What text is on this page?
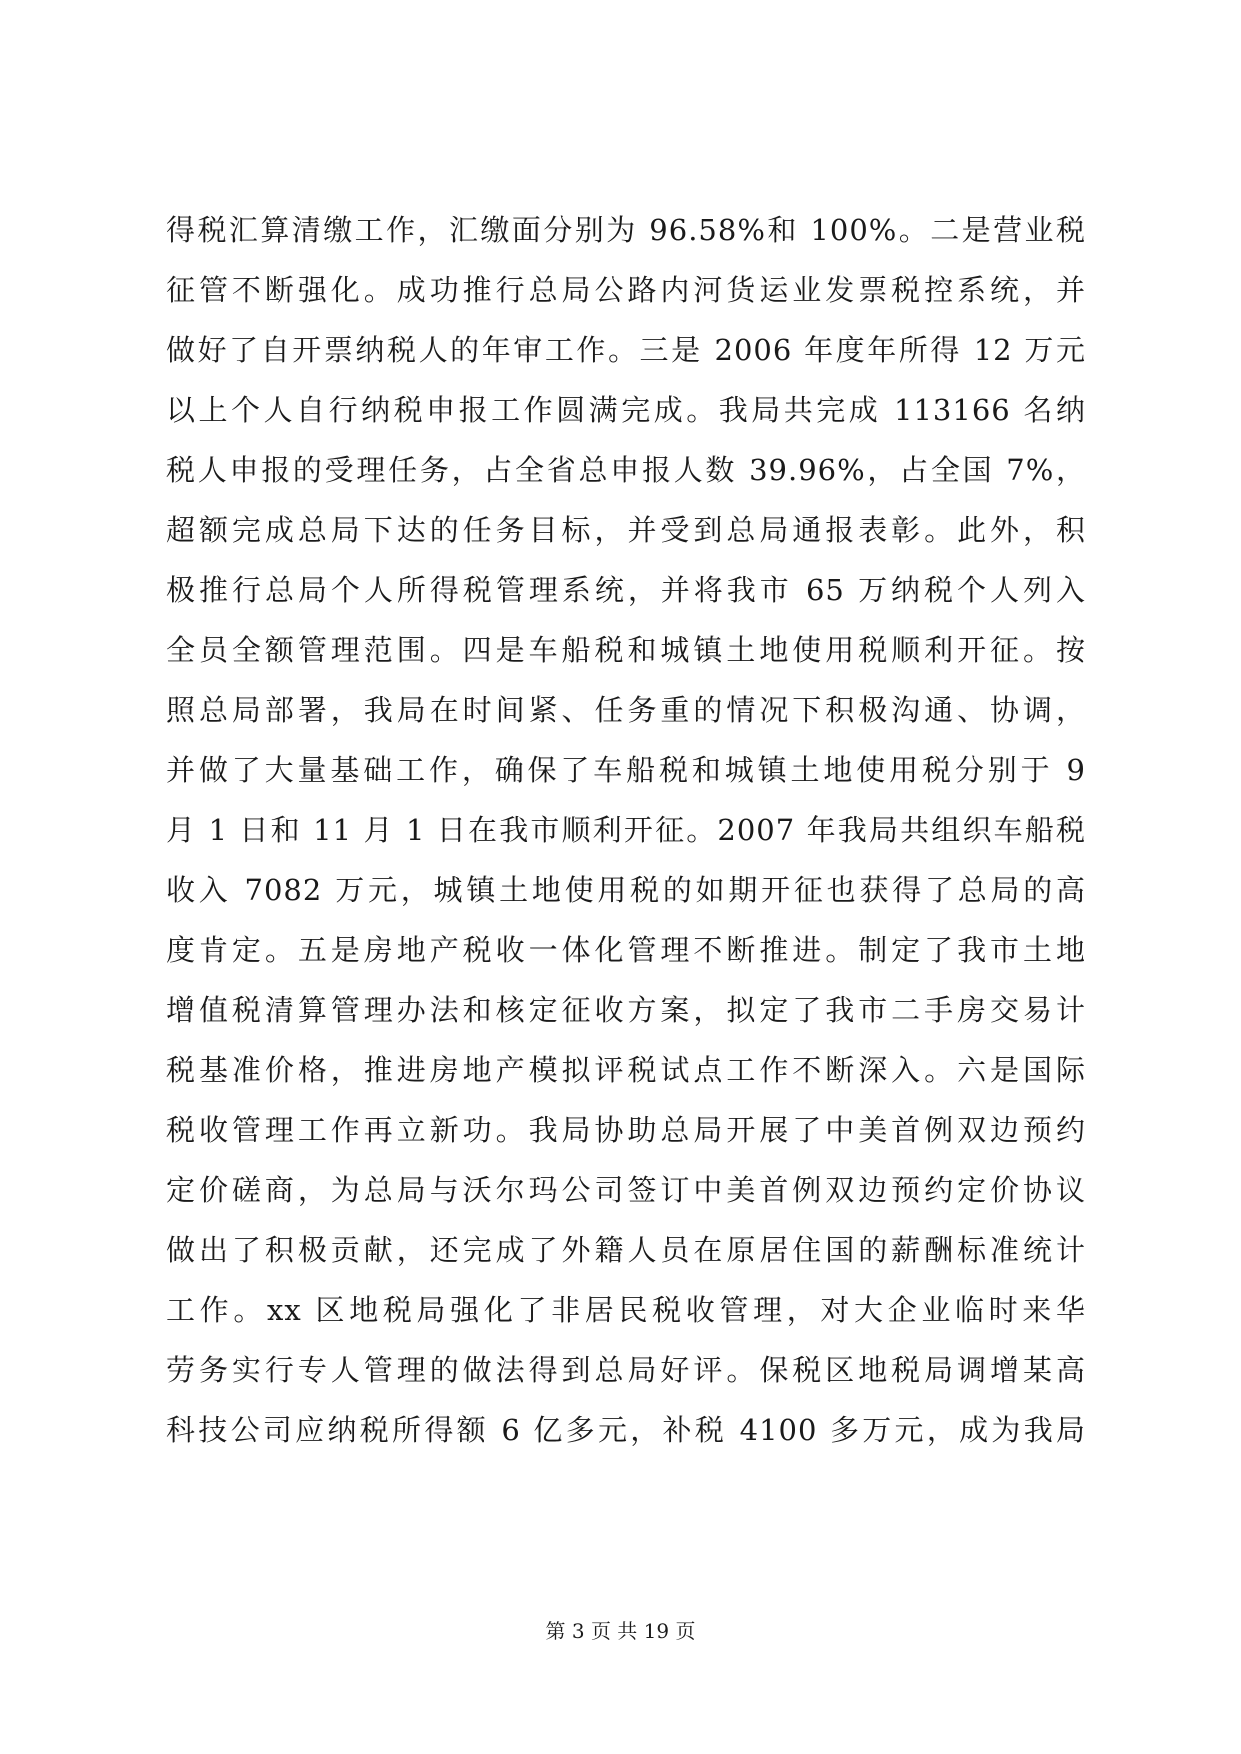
得税汇算清缴工作，汇缴面分别为 96.58%和 100%。二是营业税
征管不断强化。成功推行总局公路内河货运业发票税控系统，并
做好了自开票纳税人的年审工作。三是 2006 年度年所得 12 万元
以上个人自行纳税申报工作圆满完成。我局共完成 113166 名纳
税人申报的受理任务，占全省总申报人数 39.96%，占全国 7%，
超额完成总局下达的任务目标，并受到总局通报表彰。此外，积
极推行总局个人所得税管理系统，并将我市 65 万纳税个人列入
全员全额管理范围。四是车船税和城镇土地使用税顺利开征。按
照总局部署，我局在时间紧、任务重的情况下积极沟通、协调，
并做了大量基础工作，确保了车船税和城镇土地使用税分别于 9
月 1 日和 11 月 1 日在我市顺利开征。2007 年我局共组织车船税
收入 7082 万元，城镇土地使用税的如期开征也获得了总局的高
度肯定。五是房地产税收一体化管理不断推进。制定了我市土地
增值税清算管理办法和核定征收方案，拟定了我市二手房交易计
税基准价格，推进房地产模拟评税试点工作不断深入。六是国际
税收管理工作再立新功。我局协助总局开展了中美首例双边预约
定价磋商，为总局与沃尔玛公司签订中美首例双边预约定价协议
做出了积极贡献，还完成了外籍人员在原居住国的薪酬标准统计
工作。xx 区地税局强化了非居民税收管理，对大企业临时来华
劳务实行专人管理的做法得到总局好评。保税区地税局调增某高
科技公司应纳税所得额 6 亿多元，补税 4100 多万元，成为我局
第 3 页 共 19 页
